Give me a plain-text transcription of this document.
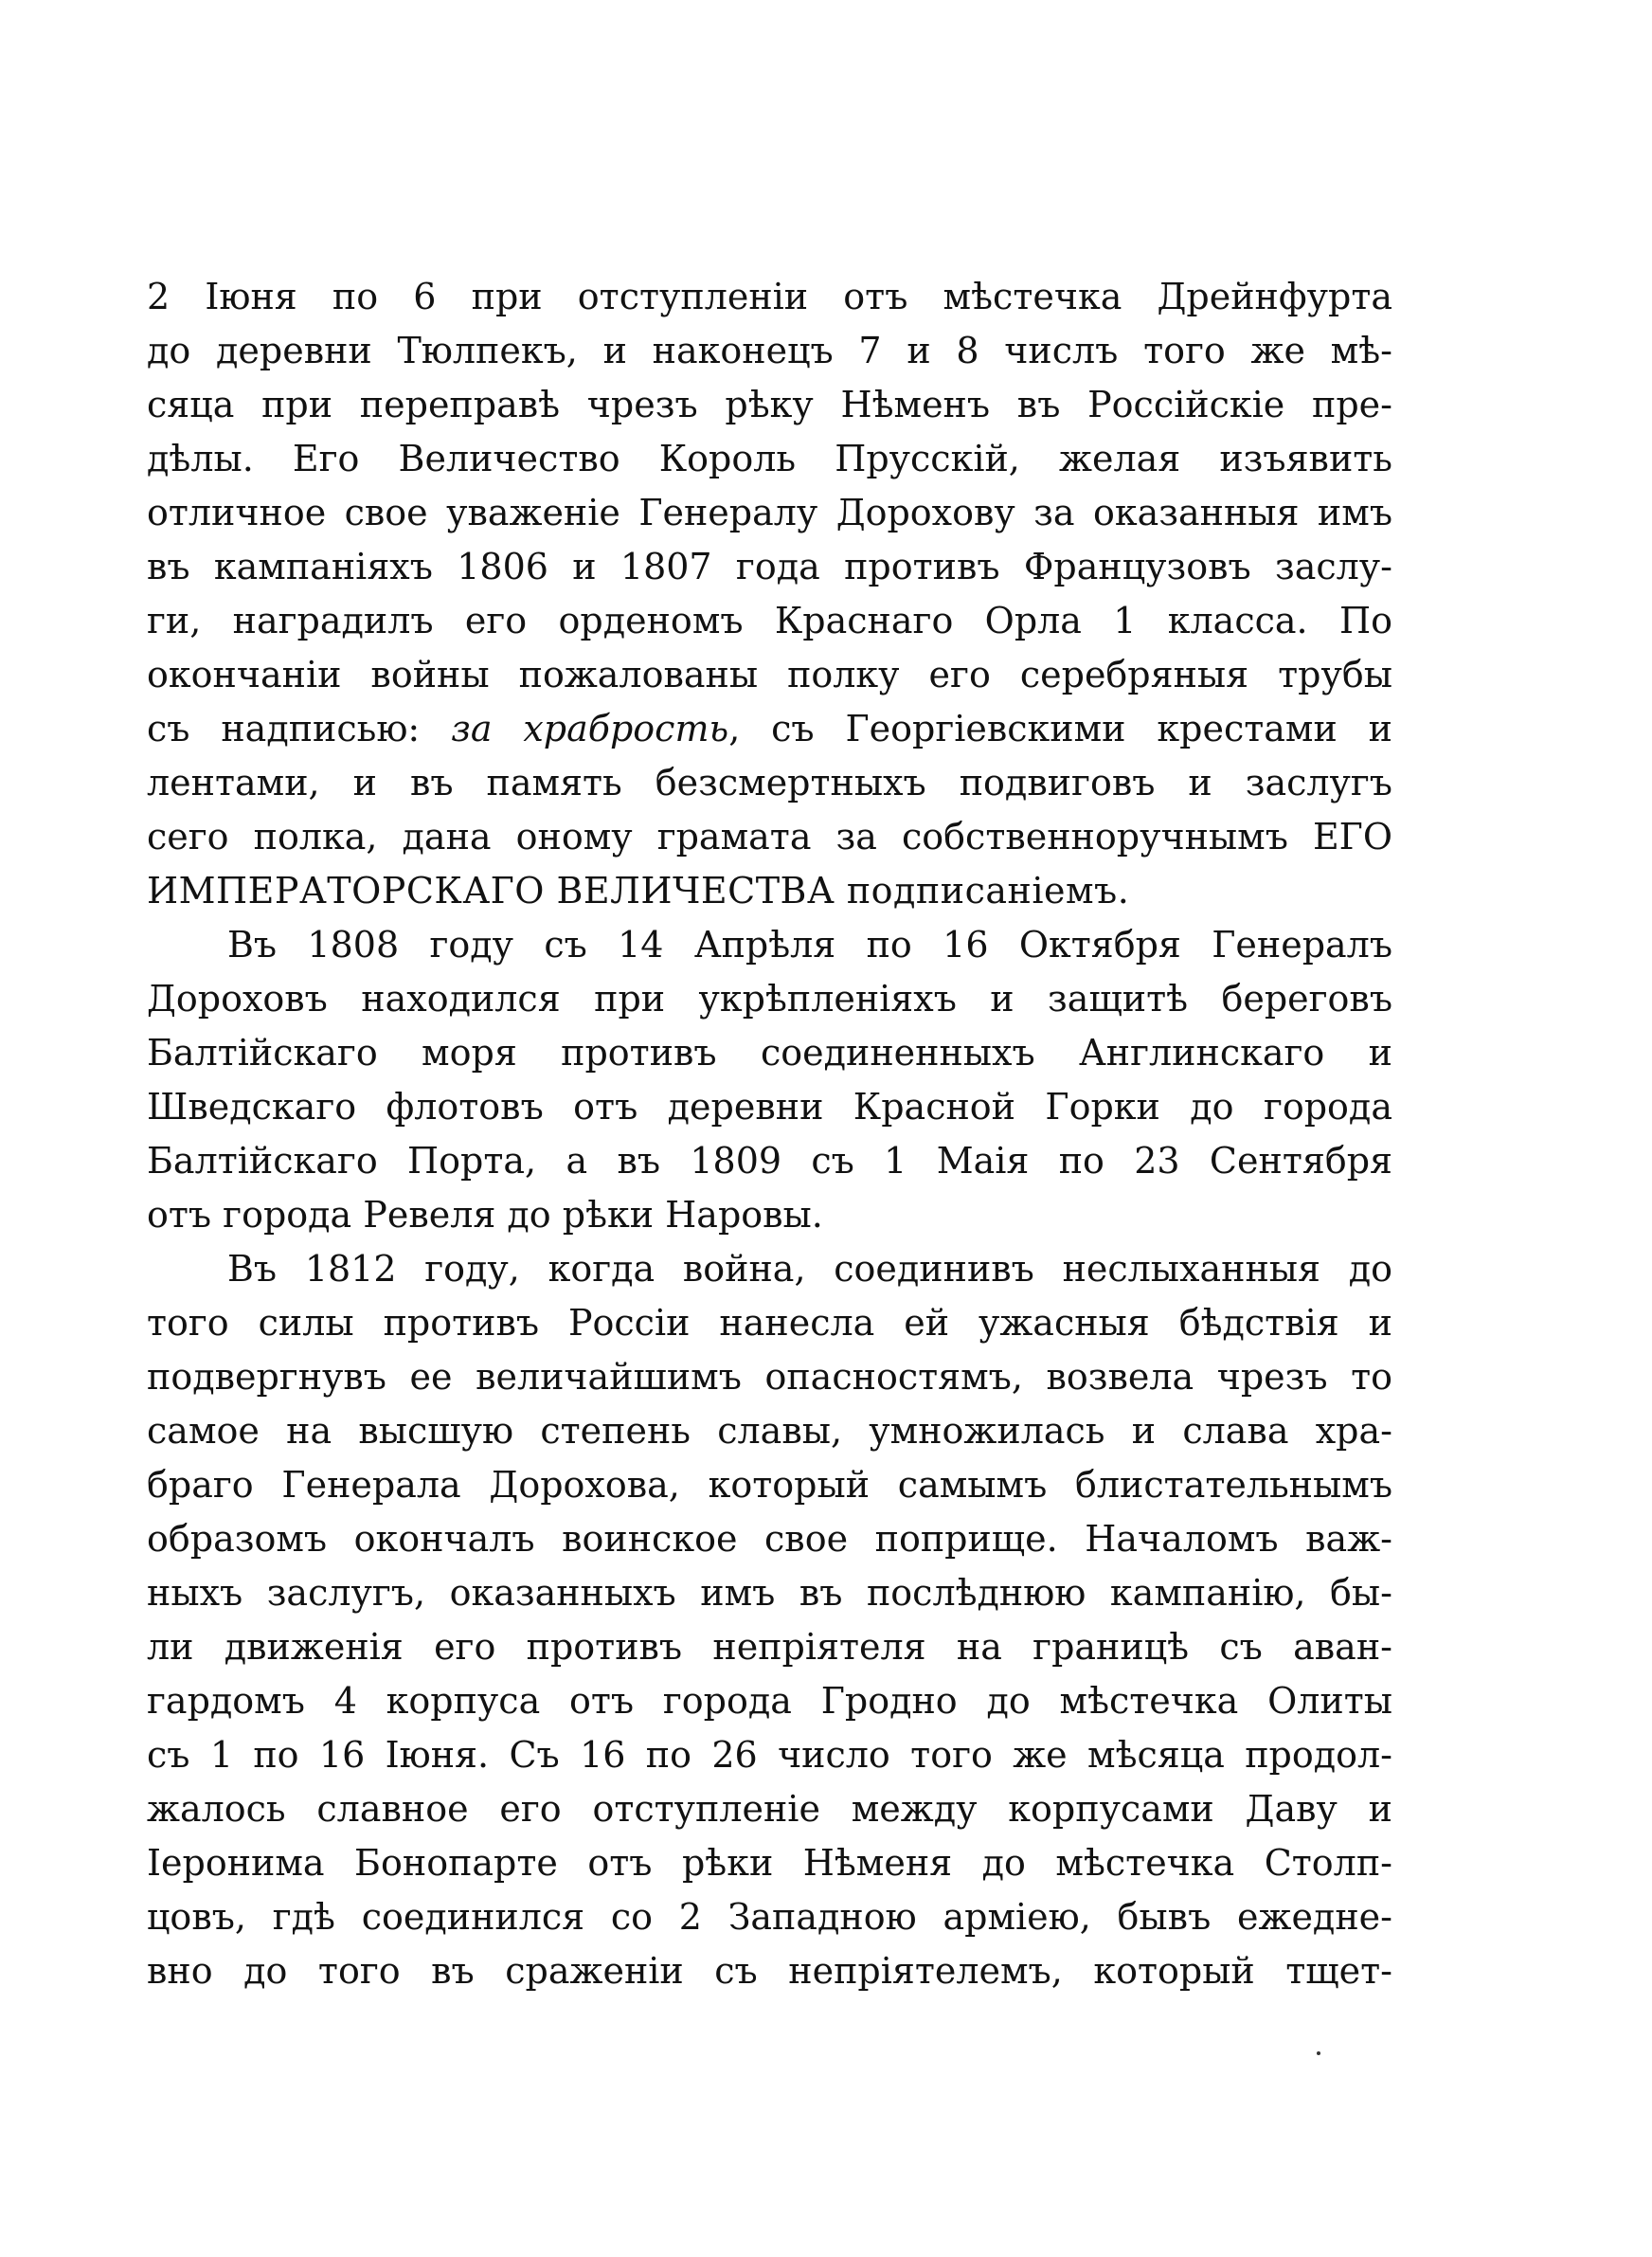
2 Іюня по 6 при отступленіи отъ мѣстечка Дрейнфурта
до деревни Тюлпекъ, и наконецъ 7 и 8 числъ того же мѣ-
сяца при переправѣ чрезъ рѣку Нѣменъ въ Россійскіе пре-
дѣлы. Его Величество Король Прусскій, желая изъявить
отличное свое уваженіе Генералу Дорохову за оказанныя имъ
въ кампаніяхъ 1806 и 1807 года противъ Французовъ заслу-
ги, наградилъ его орденомъ Краснаго Орла 1 класса. По
окончаніи войны пожалованы полку его серебряныя трубы
съ надписью: за храбрость, съ Георгіевскими крестами и
лентами, и въ память безсмертныхъ подвиговъ и заслугъ
сего полка, дана оному грамата за собственноручнымъ ЕГО
ИМПЕРАТОРСКАГО ВЕЛИЧЕСТВА подписаніемъ.

Въ 1808 году съ 14 Апрѣля по 16 Октября Генералъ
Дороховъ находился при укрѣпленіяхъ и защитѣ береговъ
Балтійскаго моря противъ соединенныхъ Англинскаго и
Шведскаго флотовъ отъ деревни Красной Горки до города
Балтійскаго Порта, а въ 1809 съ 1 Маія по 23 Сентября
отъ города Ревеля до рѣки Наровы.

Въ 1812 году, когда война, соединивъ неслыханныя до
того силы противъ Россіи нанесла ей ужасныя бѣдствія и
подвергнувъ ее величайшимъ опасностямъ, возвела чрезъ то
самое на высшую степень славы, умножилась и слава хра-
браго Генерала Дорохова, который самымъ блистательнымъ
образомъ окончалъ воинское свое поприще. Началомъ важ-
ныхъ заслугъ, оказанныхъ имъ въ послѣднюю кампанію, бы-
ли движенія его противъ непріятеля на границѣ съ аван-
гардомъ 4 корпуса отъ города Гродно до мѣстечка Олиты
съ 1 по 16 Іюня. Съ 16 по 26 число того же мѣсяца продол-
жалось славное его отступленіе между корпусами Даву и
Іеронима Бонопарте отъ рѣки Нѣменя до мѣстечка Столп-
цовъ, гдѣ соединился со 2 Западною арміею, бывъ ежедне-
вно до того въ сраженіи съ непріятелемъ, который тщет-
